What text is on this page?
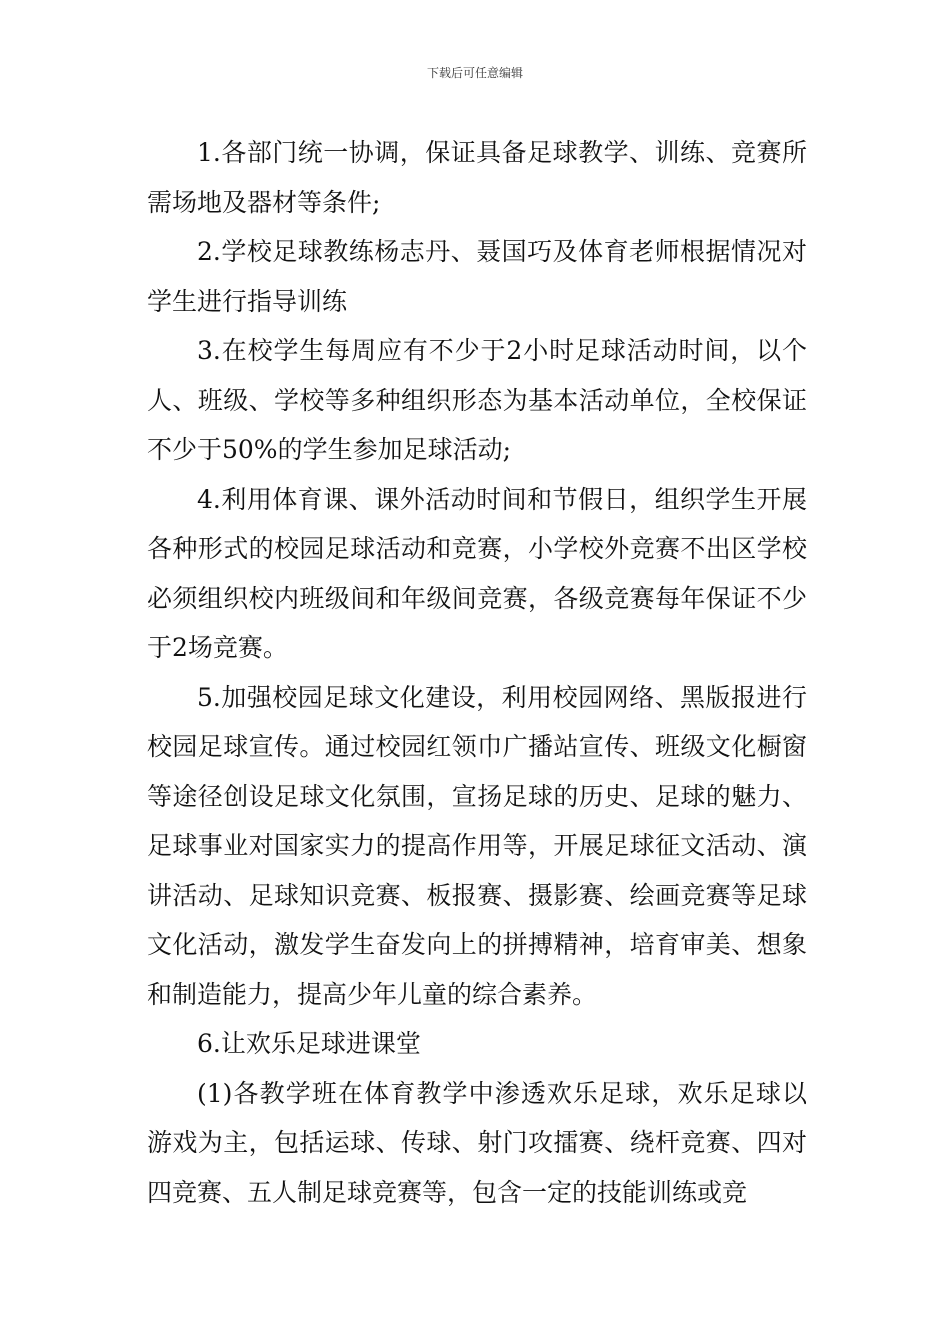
下载后可任意编辑

1.各部门统一协调，保证具备足球教学、训练、竞赛所需场地及器材等条件;

2.学校足球教练杨志丹、聂国巧及体育老师根据情况对学生进行指导训练

3.在校学生每周应有不少于2小时足球活动时间，以个人、班级、学校等多种组织形态为基本活动单位，全校保证不少于50%的学生参加足球活动;

4.利用体育课、课外活动时间和节假日，组织学生开展各种形式的校园足球活动和竞赛，小学校外竞赛不出区学校必须组织校内班级间和年级间竞赛，各级竞赛每年保证不少于2场竞赛。

5.加强校园足球文化建设，利用校园网络、黑版报进行校园足球宣传。通过校园红领巾广播站宣传、班级文化橱窗等途径创设足球文化氛围，宣扬足球的历史、足球的魅力、足球事业对国家实力的提高作用等，开展足球征文活动、演讲活动、足球知识竞赛、板报赛、摄影赛、绘画竞赛等足球文化活动，激发学生奋发向上的拼搏精神，培育审美、想象和制造能力，提高少年儿童的综合素养。

6.让欢乐足球进课堂

(1)各教学班在体育教学中渗透欢乐足球，欢乐足球以游戏为主，包括运球、传球、射门攻擂赛、绕杆竞赛、四对四竞赛、五人制足球竞赛等，包含一定的技能训练或竞
